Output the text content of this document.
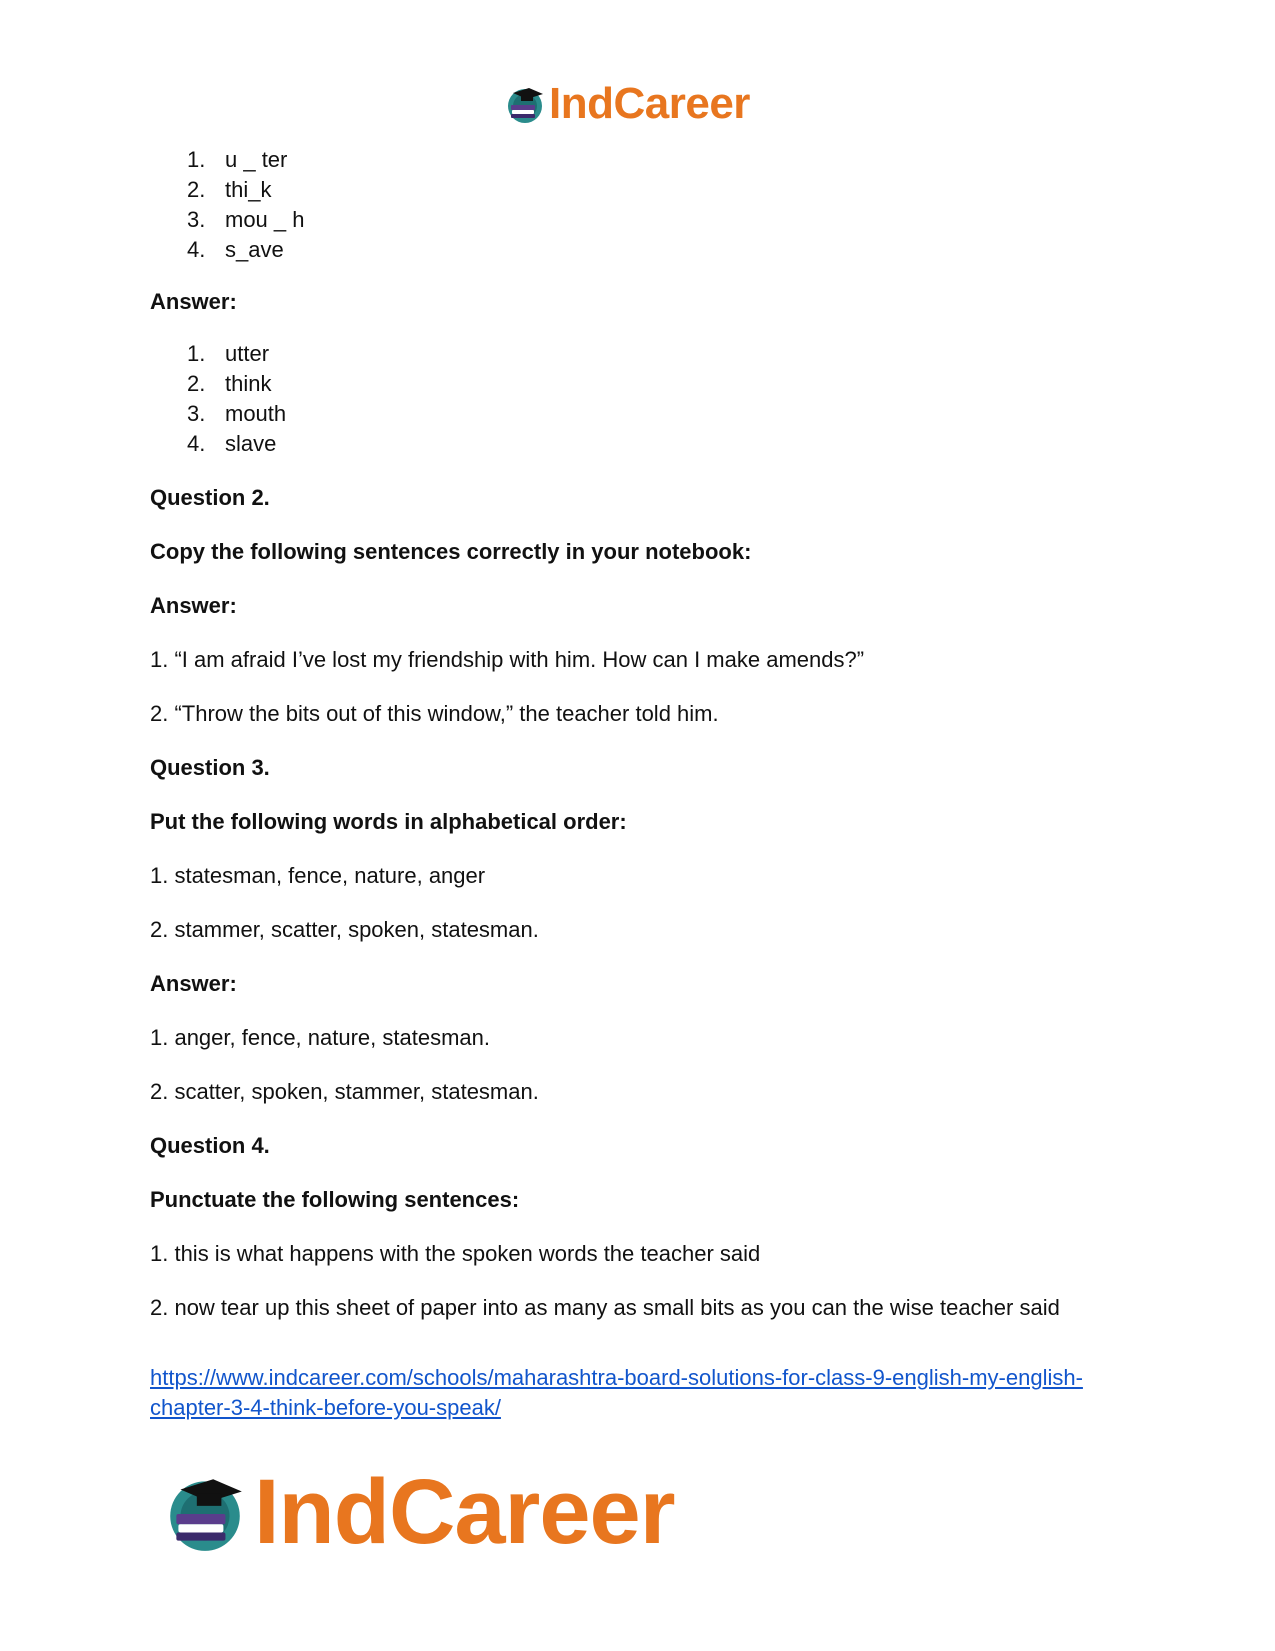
IndCareer
1. u _ ter
2. thi_k
3. mou _ h
4. s_ave

Answer:

1. utter
2. think
3. mouth
4. slave

Question 2.

Copy the following sentences correctly in your notebook:

Answer:

1. “I am afraid I’ve lost my friendship with him. How can I make amends?”

2. “Throw the bits out of this window,” the teacher told him.

Question 3.

Put the following words in alphabetical order:

1. statesman, fence, nature, anger

2. stammer, scatter, spoken, statesman.

Answer:

1. anger, fence, nature, statesman.

2. scatter, spoken, stammer, statesman.

Question 4.

Punctuate the following sentences:

1. this is what happens with the spoken words the teacher said

2. now tear up this sheet of paper into as many as small bits as you can the wise teacher said

https://www.indcareer.com/schools/maharashtra-board-solutions-for-class-9-english-my-english-
chapter-3-4-think-before-you-speak/

IndCareer
